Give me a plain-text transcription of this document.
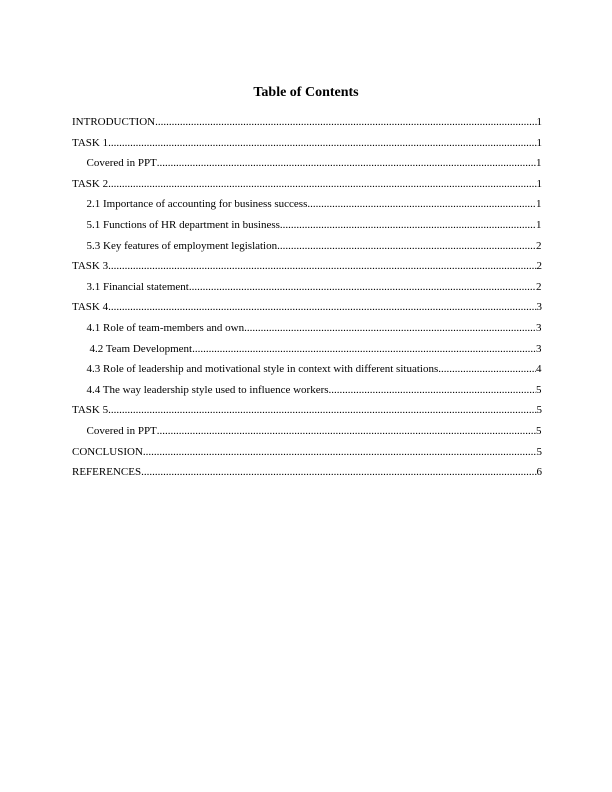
Table of Contents
INTRODUCTION .....	1
TASK 1 .....	1
Covered in PPT .....	1
TASK 2 .....	1
2.1 Importance of accounting for business success .....	1
5.1 Functions of HR department in business .....	1
5.3 Key features of employment legislation .....	2
TASK 3 .....	2
3.1 Financial statement .....	2
TASK 4 .....	3
4.1 Role of team-members and own .....	3
4.2 Team Development .....	3
4.3 Role of leadership and motivational style in context with different situations .....	4
4.4 The way leadership style used to influence workers .....	5
TASK 5 .....	5
Covered in PPT .....	5
CONCLUSION .....	5
REFERENCES .....	6
